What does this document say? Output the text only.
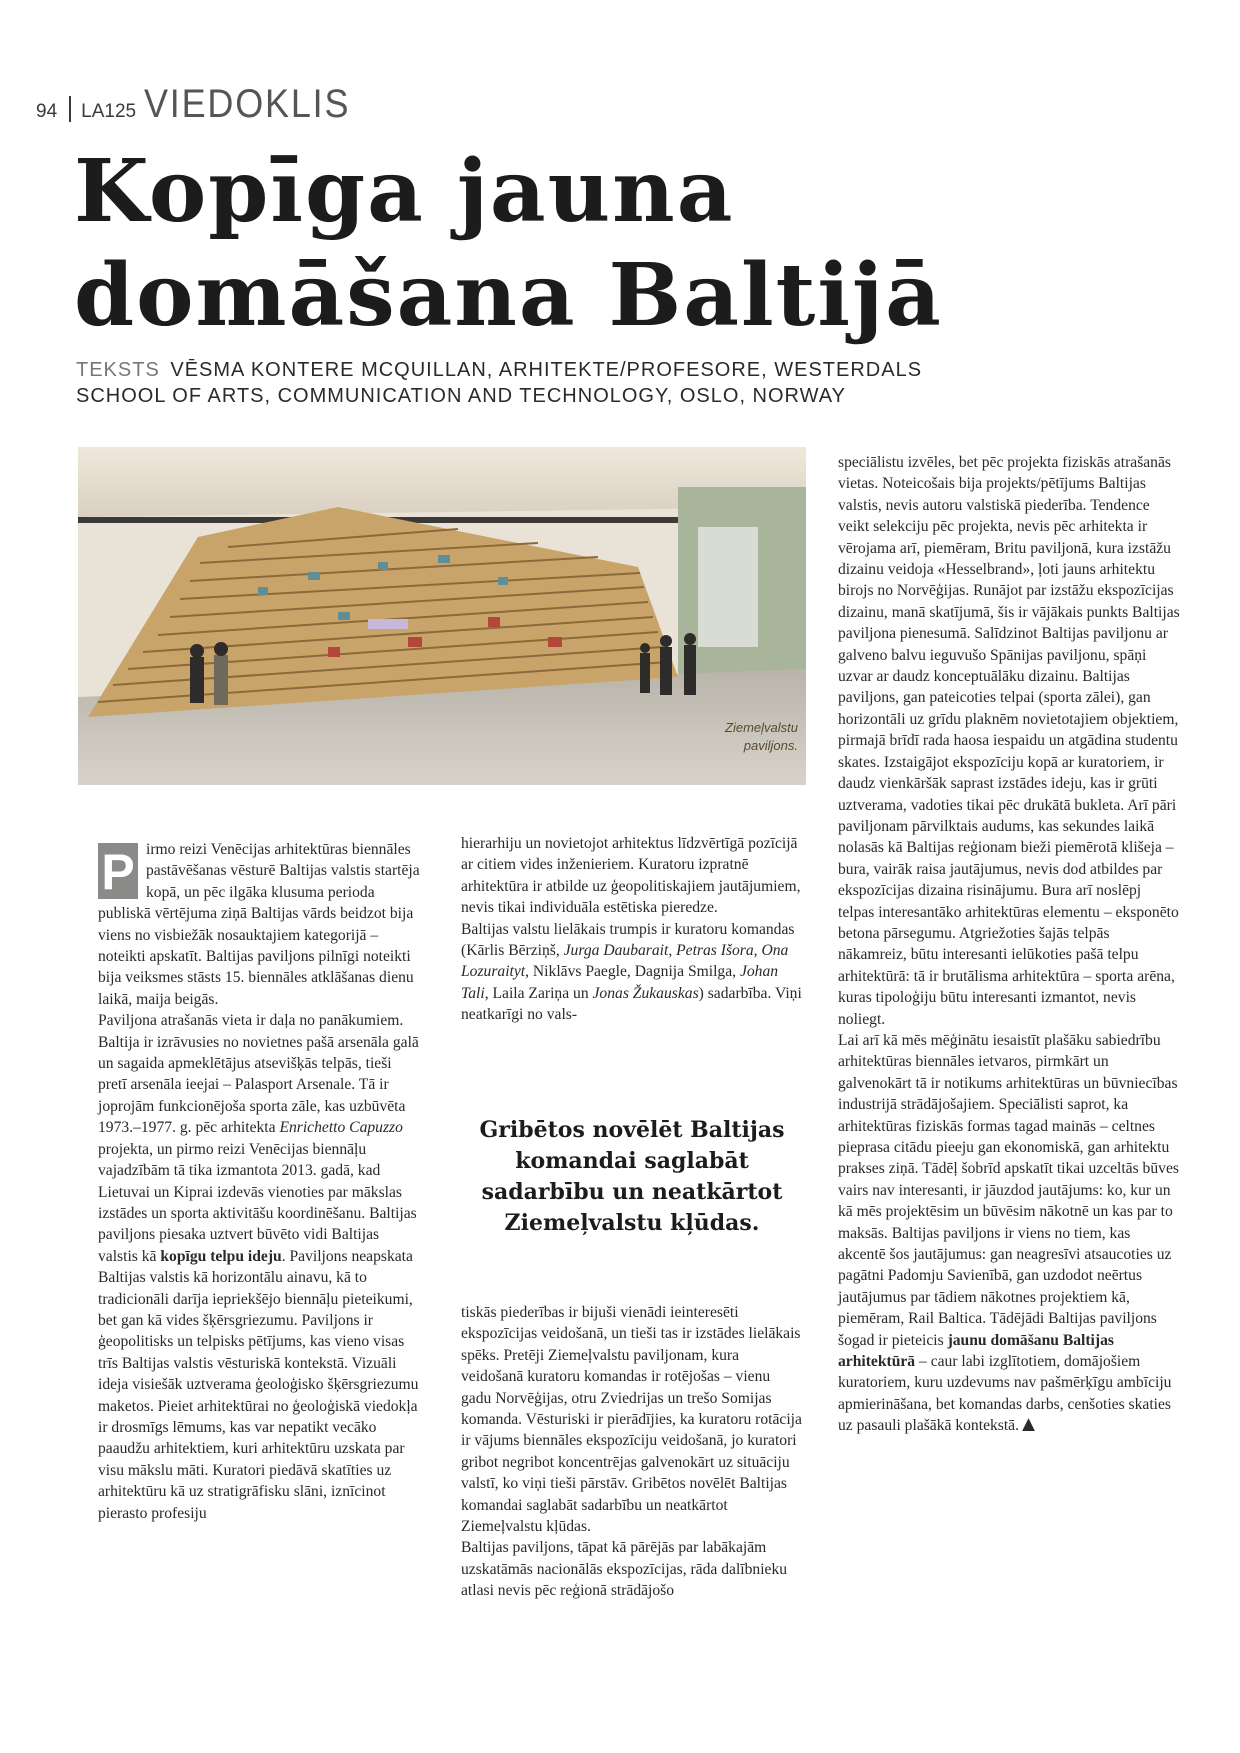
94 LA125 VIEDOKLIS
Kopīga jauna
domāšana Baltijā
TEKSTS VĒSMA KONTERE MCQUILLAN, ARHITEKTE/PROFESORE, WESTERDALS SCHOOL OF ARTS, COMMUNICATION AND TECHNOLOGY, OSLO, NORWAY
Ziemeļvalstu paviljons.

P irmo reizi Venēcijas arhitektūras biennāles pastāvēšanas vēsturē Baltijas valstis startēja kopā, un pēc ilgāka klusuma perioda publiskā vērtējuma ziņā Baltijas vārds beidzot bija viens no visbiežāk nosauktajiem kategorijā – noteikti apskatīt. Baltijas paviljons pilnīgi noteikti bija veiksmes stāsts 15. biennāles atklāšanas dienu laikā, maija beigās.

Paviljona atrašanās vieta ir daļa no panākumiem. Baltija ir izrāvusies no novietnes pašā arsenāla galā un sagaida apmeklētājus atsevišķās telpās, tieši pretī arsenāla ieejai – Palasport Arsenale. Tā ir joprojām funkcionējoša sporta zāle, kas uzbūvēta 1973.–1977. g. pēc arhitekta Enrichetto Capuzzo projekta, un pirmo reizi Venēcijas biennāļu vajadzībām tā tika izmantota 2013. gadā, kad Lietuvai un Kiprai izdevās vienoties par mākslas izstādes un sporta aktivitāšu koordinēšanu. Baltijas paviljons piesaka uztvert būvēto vidi Baltijas valstis kā kopīgu telpu ideju. Paviljons neapskata Baltijas valstis kā horizontālu ainavu, kā to tradicionāli darīja iepriekšējo biennāļu pieteikumi, bet gan kā vides šķērsgriezumu. Paviljons ir ģeopolitisks un telpisks pētījums, kas vieno visas trīs Baltijas valstis vēsturiskā kontekstā. Vizuāli ideja visiešāk uztverama ģeoloģisko šķērsgriezumu maketos. Pieiet arhitektūrai no ģeoloģiskā viedokļa ir drosmīgs lēmums, kas var nepatikt vecāko paaudžu arhitektiem, kuri arhitektūru uzskata par visu mākslu māti. Kuratori piedāvā skatīties uz arhitektūru kā uz stratigrāfisku slāni, iznīcinot pierasto profesiju

hierarhiju un novietojot arhitektus līdzvērtīgā pozīcijā ar citiem vides inženieriem. Kuratoru izpratnē arhitektūra ir atbilde uz ģeopolitiskajiem jautājumiem, nevis tikai individuāla estētiska pieredze.

Baltijas valstu lielākais trumpis ir kuratoru komandas (Kārlis Bērziņš, Jurga Daubarait, Petras Išora, Ona Lozuraityt, Niklāvs Paegle, Dagnija Smilga, Johan Tali, Laila Zariņa un Jonas Žukauskas) sadarbība. Viņi neatkarīgi no vals-

Gribētos novēlēt Baltijas komandai saglabāt sadarbību un neatkārtot Ziemeļvalstu kļūdas.

tiskās piederības ir bijuši vienādi ieinteresēti ekspozīcijas veidošanā, un tieši tas ir izstādes lielākais spēks. Pretēji Ziemeļvalstu paviljonam, kura veidošanā kuratoru komandas ir rotējošas – vienu gadu Norvēģijas, otru Zviedrijas un trešo Somijas komanda. Vēsturiski ir pierādījies, ka kuratoru rotācija ir vājums biennāles ekspozīciju veidošanā, jo kuratori gribot negribot koncentrējas galvenokārt uz situāciju valstī, ko viņi tieši pārstāv. Gribētos novēlēt Baltijas komandai saglabāt sadarbību un neatkārtot Ziemeļvalstu kļūdas.

Baltijas paviljons, tāpat kā pārējās par labākajām uzskatāmās nacionālās ekspozīcijas, rāda dalībnieku atlasi nevis pēc reģionā strādājošo

speciālistu izvēles, bet pēc projekta fiziskās atrašanās vietas. Noteicošais bija projekts/pētījums Baltijas valstis, nevis autoru valstiskā piederība. Tendence veikt selekciju pēc projekta, nevis pēc arhitekta ir vērojama arī, piemēram, Britu paviljonā, kura izstāžu dizainu veidoja «Hesselbrand», ļoti jauns arhitektu birojs no Norvēģijas. Runājot par izstāžu ekspozīcijas dizainu, manā skatījumā, šis ir vājākais punkts Baltijas paviljona pienesumā. Salīdzinot Baltijas paviljonu ar galveno balvu ieguvušo Spānijas paviljonu, spāņi uzvar ar daudz konceptuālāku dizainu. Baltijas paviljons, gan pateicoties telpai (sporta zālei), gan horizontāli uz grīdu plaknēm novietotajiem objektiem, pirmajā brīdī rada haosa iespaidu un atgādina studentu skates. Izstaigājot ekspozīciju kopā ar kuratoriem, ir daudz vienkāršāk saprast izstādes ideju, kas ir grūti uztverama, vadoties tikai pēc drukātā bukleta. Arī pāri paviljonam pārvilktais audums, kas sekundes laikā nolasās kā Baltijas reģionam bieži piemērotā klišeja – bura, vairāk raisa jautājumus, nevis dod atbildes par ekspozīcijas dizaina risinājumu. Bura arī noslēpj telpas interesantāko arhitektūras elementu – eksponēto betona pārsegumu. Atgriežoties šajās telpās nākamreiz, būtu interesanti ielūkoties pašā telpu arhitektūrā: tā ir brutālisma arhitektūra – sporta arēna, kuras tipoloģiju būtu interesanti izmantot, nevis noliegt.

Lai arī kā mēs mēģinātu iesaistīt plašāku sabiedrību arhitektūras biennāles ietvaros, pirmkārt un galvenokārt tā ir notikums arhitektūras un būvniecības industrijā strādājošajiem. Speciālisti saprot, ka arhitektūras fiziskās formas tagad mainās – celtnes pieprasa citādu pieeju gan ekonomiskā, gan arhitektu prakses ziņā. Tādēļ šobrīd apskatīt tikai uzceltās būves vairs nav interesanti, ir jāuzdod jautājums: ko, kur un kā mēs projektēsim un būvēsim nākotnē un kas par to maksās. Baltijas paviljons ir viens no tiem, kas akcentē šos jautājumus: gan neagresīvi atsaucoties uz pagātni Padomju Savienībā, gan uzdodot neērtus jautājumus par tādiem nākotnes projektiem kā, piemēram, Rail Baltica. Tādējādi Baltijas paviljons šogad ir pieteicis jaunu domāšanu Baltijas arhitektūrā – caur labi izglītotiem, domājošiem kuratoriem, kuru uzdevums nav pašmērķīgu ambīciju apmierināšana, bet komandas darbs, cenšoties skaties uz pasauli plašākā kontekstā.
